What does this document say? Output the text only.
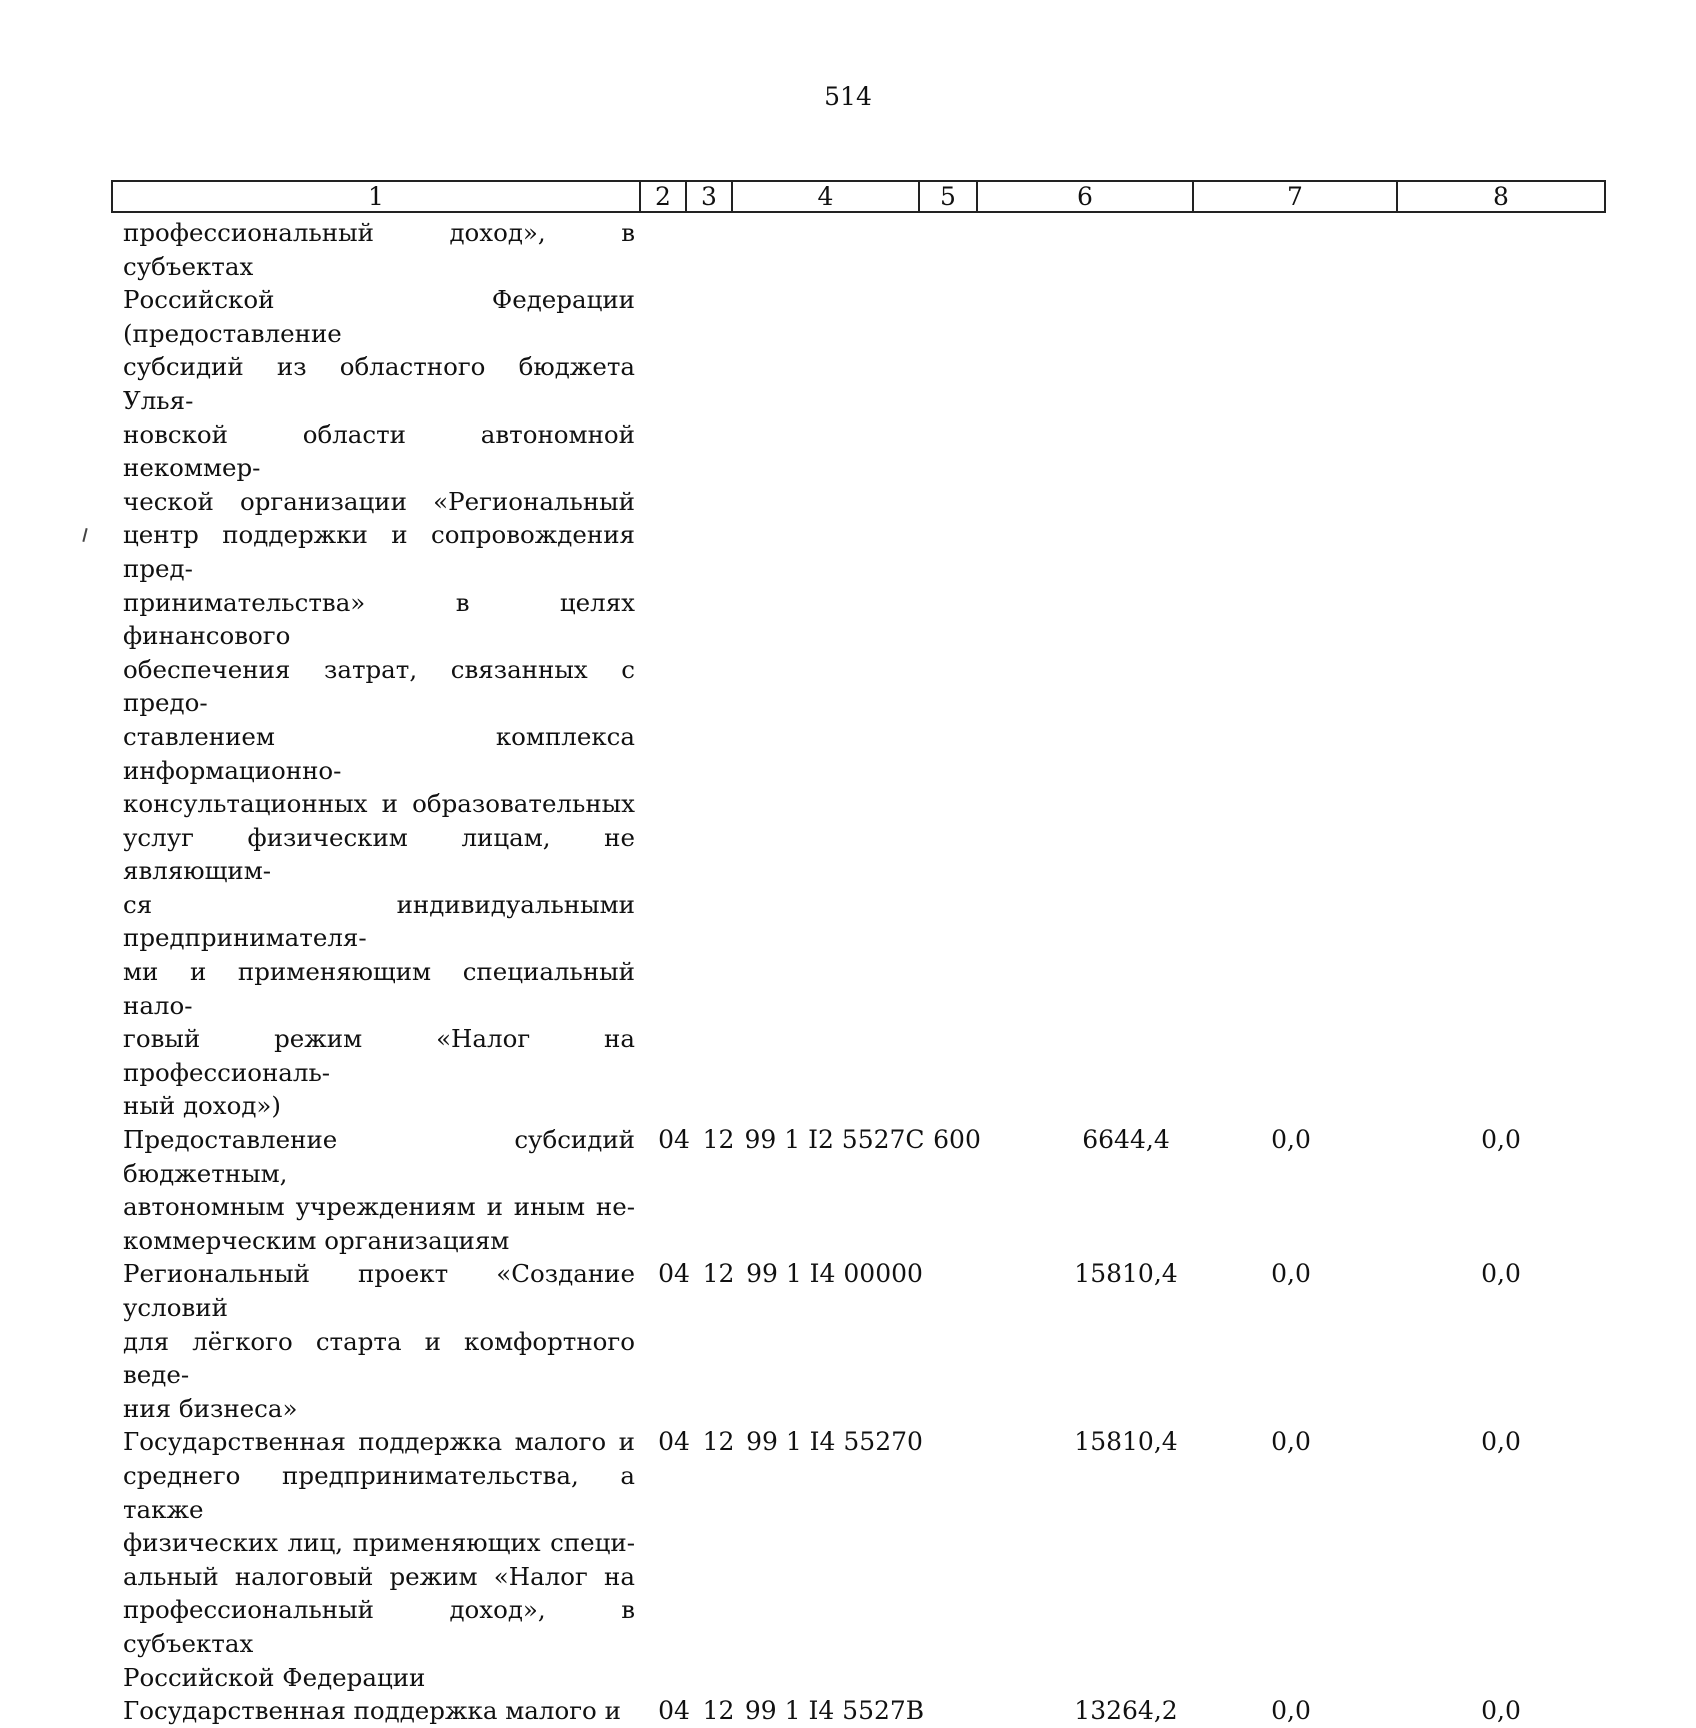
514
1	2	3	4	5	6	7	8
профессиональный доход», в субъектах
Российской Федерации (предоставление
субсидий из областного бюджета Улья-
новской области автономной некоммер-
ческой организации «Региональный
центр поддержки и сопровождения пред-
принимательства» в целях финансового
обеспечения затрат, связанных с предо-
ставлением комплекса информационно-
консультационных и образовательных
услуг физическим лицам, не являющим-
ся индивидуальными предпринимателя-
ми и применяющим специальный нало-
говый режим «Налог на профессиональ-
ный доход»)
Предоставление субсидий бюджетным,
автономным учреждениям и иным не-
коммерческим организациям
04 12 99 1 I2 5527С 600	6644,4	0,0	0,0
Региональный проект «Создание условий
для лёгкого старта и комфортного веде-
ния бизнеса»
04 12 99 1 I4 00000	15810,4	0,0	0,0
Государственная поддержка малого и
среднего предпринимательства, а также
физических лиц, применяющих специ-
альный налоговый режим «Налог на
профессиональный доход», в субъектах
Российской Федерации
04 12 99 1 I4 55270	15810,4	0,0	0,0
Государственная поддержка малого и	04 12 99 1 I4 5527В	13264,2	0,0	0,0
